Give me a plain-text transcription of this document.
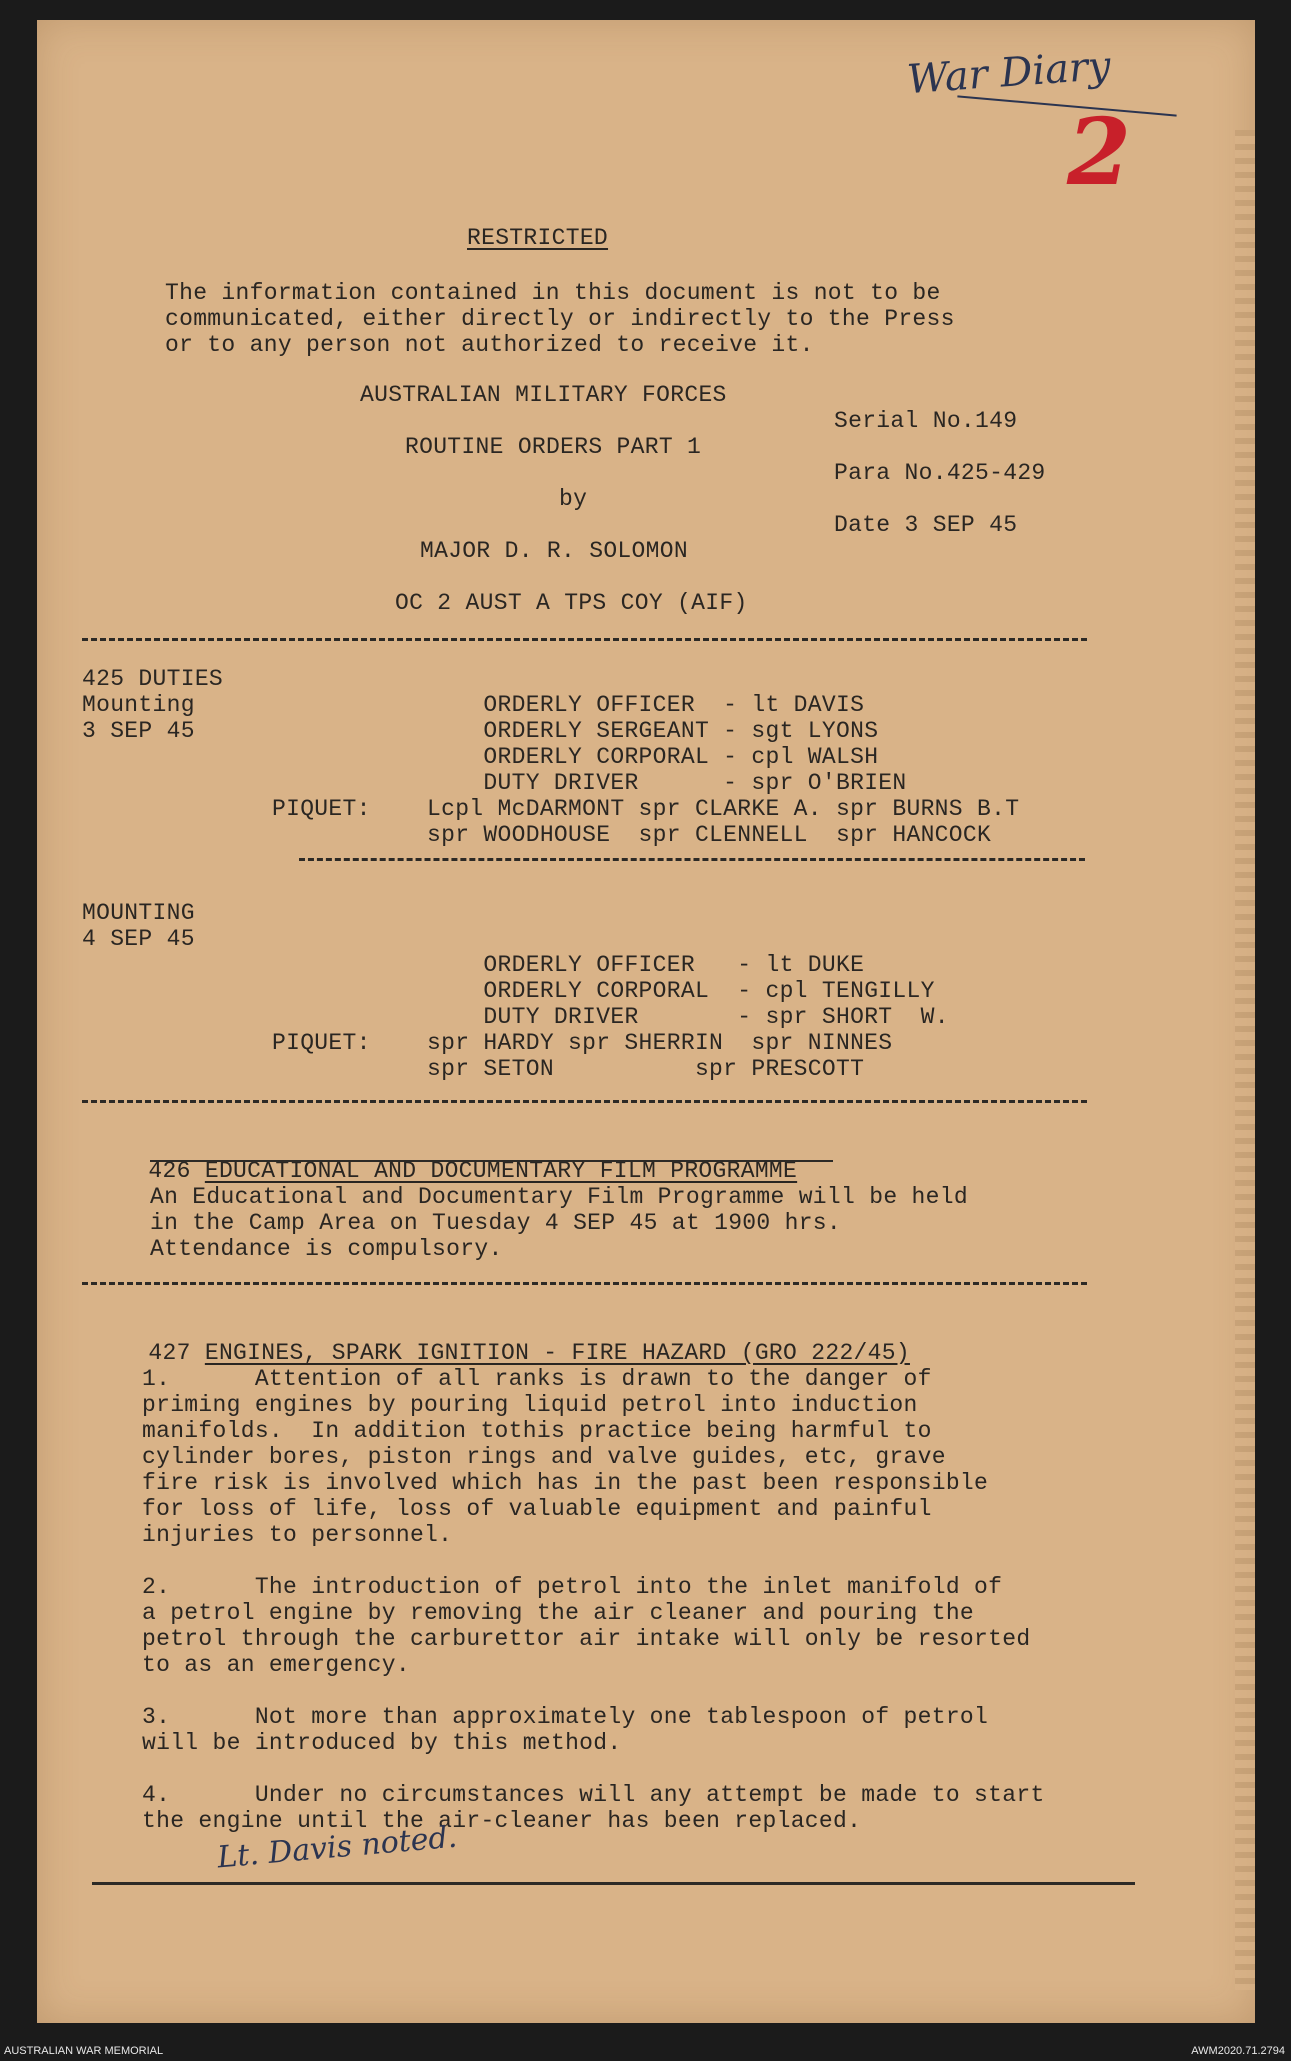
War Diary
2
RESTRICTED
The information contained in this document is not to be
communicated, either directly or indirectly to the Press
or to any person not authorized to receive it.
AUSTRALIAN MILITARY FORCES
ROUTINE ORDERS PART 1
by
MAJOR D. R. SOLOMON
OC 2 AUST A TPS COY (AIF)
Serial No.149
Para No.425-429
Date 3 SEP 45
425 DUTIES
Mounting
3 SEP 45

ORDERLY OFFICER  - lt DAVIS

ORDERLY SERGEANT - sgt LYONS

ORDERLY CORPORAL - cpl WALSH

DUTY DRIVER      - spr O'BRIEN

PIQUET: Lcpl McDARMONT spr CLARKE A. spr BURNS B.T
spr WOODHOUSE  spr CLENNELL  spr HANCOCK
MOUNTING
4 SEP 45

ORDERLY OFFICER   - lt DUKE

ORDERLY CORPORAL  - cpl TENGILLY

DUTY DRIVER       - spr SHORT  W.

PIQUET: spr HARDY spr SHERRIN  spr NINNES
spr SETON          spr PRESCOTT

426 EDUCATIONAL AND DOCUMENTARY FILM PROGRAMME

An Educational and Documentary Film Programme will be held
in the Camp Area on Tuesday 4 SEP 45 at 1900 hrs.
Attendance is compulsory.

427 ENGINES, SPARK IGNITION - FIRE HAZARD (GRO 222/45)

1.      Attention of all ranks is drawn to the danger of
priming engines by pouring liquid petrol into induction
manifolds.  In addition tothis practice being harmful to
cylinder bores, piston rings and valve guides, etc, grave
fire risk is involved which has in the past been responsible
for loss of life, loss of valuable equipment and painful
injuries to personnel.
2.      The introduction of petrol into the inlet manifold of
a petrol engine by removing the air cleaner and pouring the
petrol through the carburettor air intake will only be resorted
to as an emergency.
3.      Not more than approximately one tablespoon of petrol
will be introduced by this method.
4.      Under no circumstances will any attempt be made to start
the engine until the air-cleaner has been replaced.
Lt. Davis noted.
AUSTRALIAN WAR MEMORIAL	AWM2020.71.2794
